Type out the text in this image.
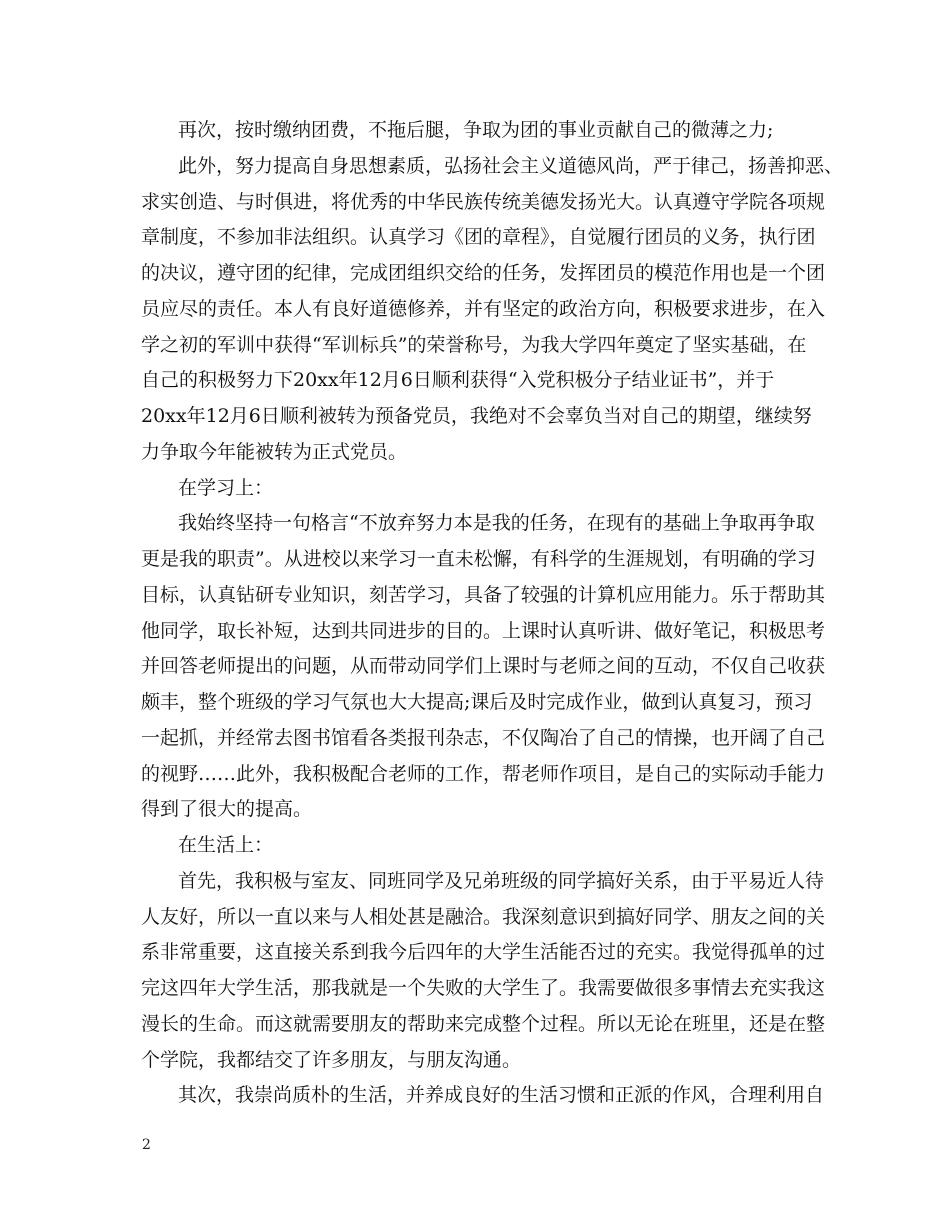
再次，按时缴纳团费，不拖后腿，争取为团的事业贡献自己的微薄之力;
此外，努力提高自身思想素质，弘扬社会主义道德风尚，严于律己，扬善抑恶、
求实创造、与时俱进，将优秀的中华民族传统美德发扬光大。认真遵守学院各项规
章制度，不参加非法组织。认真学习《团的章程》，自觉履行团员的义务，执行团
的决议，遵守团的纪律，完成团组织交给的任务，发挥团员的模范作用也是一个团
员应尽的责任。本人有良好道德修养，并有坚定的政治方向，积极要求进步，在入
学之初的军训中获得“军训标兵”的荣誉称号，为我大学四年奠定了坚实基础，在
自己的积极努力下20xx年12月6日顺利获得“入党积极分子结业证书”，并于
20xx年12月6日顺利被转为预备党员，我绝对不会辜负当对自己的期望，继续努
力争取今年能被转为正式党员。
在学习上：
我始终坚持一句格言“不放弃努力本是我的任务，在现有的基础上争取再争取
更是我的职责”。从进校以来学习一直未松懈，有科学的生涯规划，有明确的学习
目标，认真钻研专业知识，刻苦学习，具备了较强的计算机应用能力。乐于帮助其
他同学，取长补短，达到共同进步的目的。上课时认真听讲、做好笔记，积极思考
并回答老师提出的问题，从而带动同学们上课时与老师之间的互动，不仅自己收获
颇丰，整个班级的学习气氛也大大提高;课后及时完成作业，做到认真复习，预习
一起抓，并经常去图书馆看各类报刊杂志，不仅陶冶了自己的情操，也开阔了自己
的视野……此外，我积极配合老师的工作，帮老师作项目，是自己的实际动手能力
得到了很大的提高。
在生活上：
首先，我积极与室友、同班同学及兄弟班级的同学搞好关系，由于平易近人待
人友好，所以一直以来与人相处甚是融洽。我深刻意识到搞好同学、朋友之间的关
系非常重要，这直接关系到我今后四年的大学生活能否过的充实。我觉得孤单的过
完这四年大学生活，那我就是一个失败的大学生了。我需要做很多事情去充实我这
漫长的生命。而这就需要朋友的帮助来完成整个过程。所以无论在班里，还是在整
个学院，我都结交了许多朋友，与朋友沟通。
其次，我崇尚质朴的生活，并养成良好的生活习惯和正派的作风，合理利用自
2
